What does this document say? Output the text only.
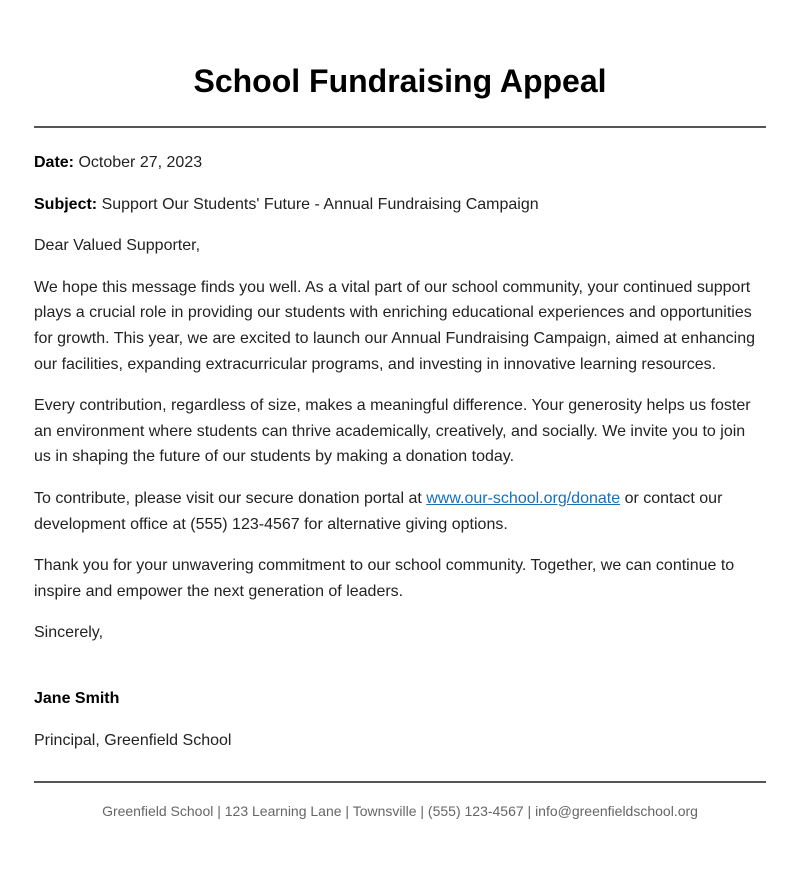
School Fundraising Appeal

Date: October 27, 2023

Subject: Support Our Students' Future - Annual Fundraising Campaign

Dear Valued Supporter,

We hope this message finds you well. As a vital part of our school community, your continued support plays a crucial role in providing our students with enriching educational experiences and opportunities for growth. This year, we are excited to launch our Annual Fundraising Campaign, aimed at enhancing our facilities, expanding extracurricular programs, and investing in innovative learning resources.

Every contribution, regardless of size, makes a meaningful difference. Your generosity helps us foster an environment where students can thrive academically, creatively, and socially. We invite you to join us in shaping the future of our students by making a donation today.

To contribute, please visit our secure donation portal at www.our-school.org/donate or contact our development office at (555) 123-4567 for alternative giving options.

Thank you for your unwavering commitment to our school community. Together, we can continue to inspire and empower the next generation of leaders.

Sincerely,

Jane Smith

Principal, Greenfield School

Greenfield School | 123 Learning Lane | Townsville | (555) 123-4567 | info@greenfieldschool.org
